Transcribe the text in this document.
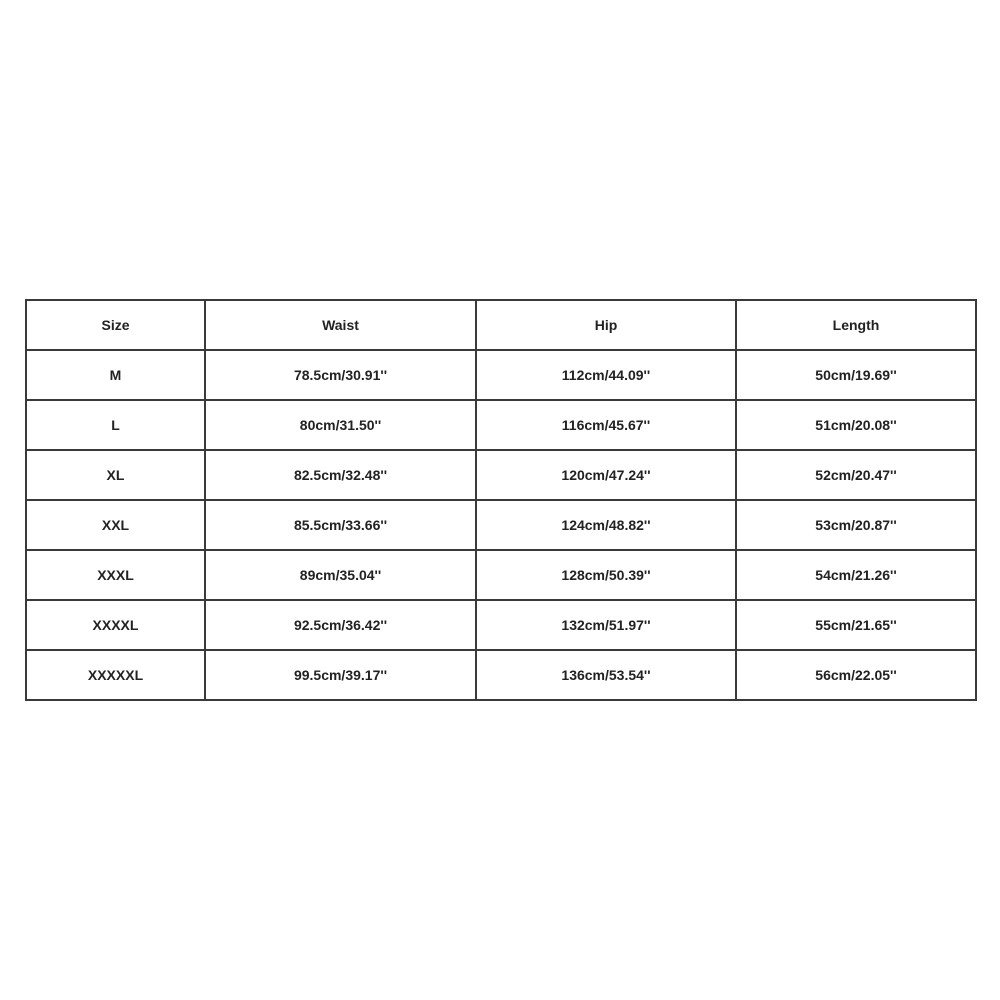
Size	Waist	Hip	Length
M	78.5cm/30.91''	112cm/44.09''	50cm/19.69''
L	80cm/31.50''	116cm/45.67''	51cm/20.08''
XL	82.5cm/32.48''	120cm/47.24''	52cm/20.47''
XXL	85.5cm/33.66''	124cm/48.82''	53cm/20.87''
XXXL	89cm/35.04''	128cm/50.39''	54cm/21.26''
XXXXL	92.5cm/36.42''	132cm/51.97''	55cm/21.65''
XXXXXL	99.5cm/39.17''	136cm/53.54''	56cm/22.05''
